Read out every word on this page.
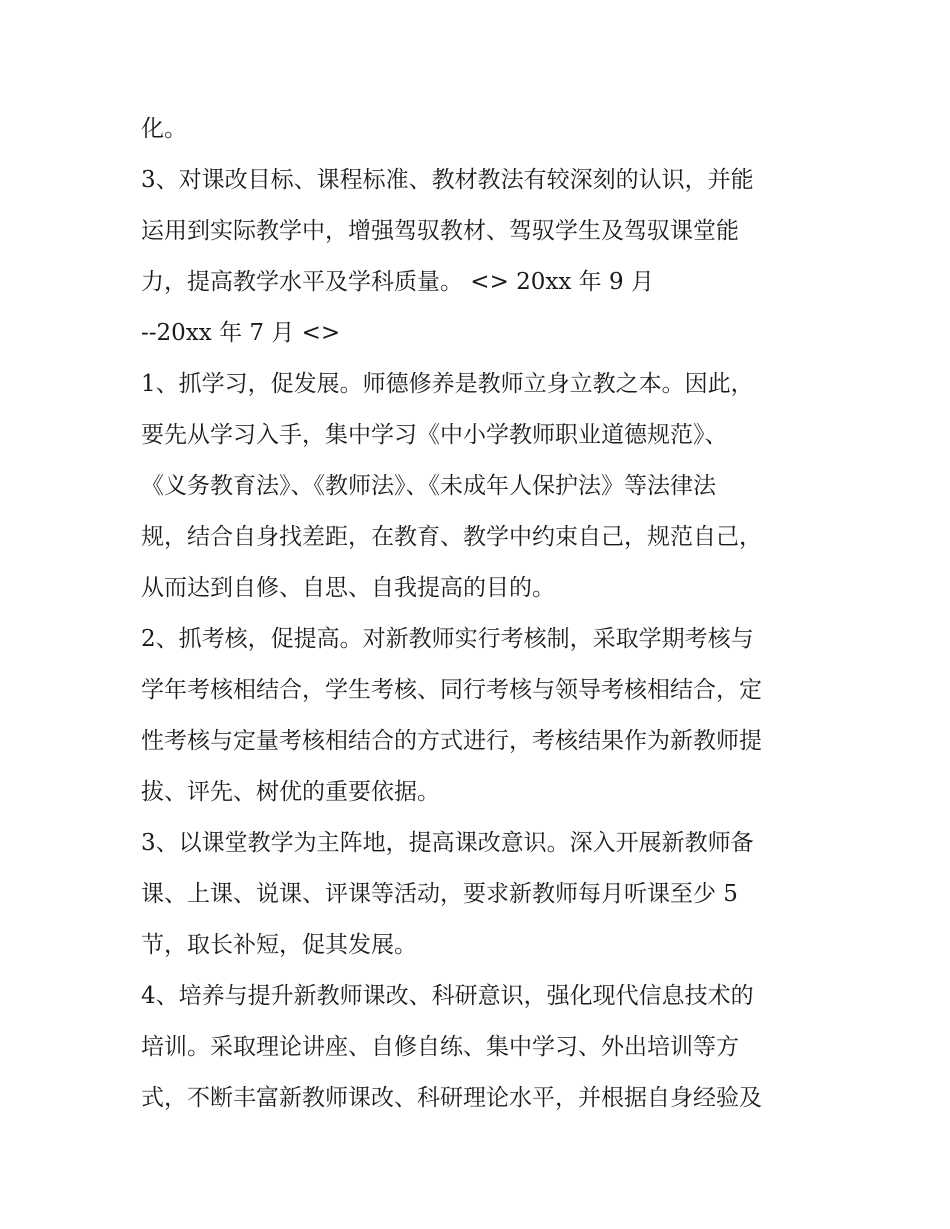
化。
3、对课改目标、课程标准、教材教法有较深刻的认识，并能
运用到实际教学中，增强驾驭教材、驾驭学生及驾驭课堂能
力，提高教学水平及学科质量。 <> 20xx 年 9 月
--20xx 年 7 月 <>
1、抓学习，促发展。师德修养是教师立身立教之本。因此，
要先从学习入手，集中学习《中小学教师职业道德规范》、
《义务教育法》、《教师法》、《未成年人保护法》等法律法
规，结合自身找差距，在教育、教学中约束自己，规范自己，
从而达到自修、自思、自我提高的目的。
2、抓考核，促提高。对新教师实行考核制，采取学期考核与
学年考核相结合，学生考核、同行考核与领导考核相结合，定
性考核与定量考核相结合的方式进行，考核结果作为新教师提
拔、评先、树优的重要依据。
3、以课堂教学为主阵地，提高课改意识。深入开展新教师备
课、上课、说课、评课等活动，要求新教师每月听课至少 5
节，取长补短，促其发展。
4、培养与提升新教师课改、科研意识，强化现代信息技术的
培训。采取理论讲座、自修自练、集中学习、外出培训等方
式，不断丰富新教师课改、科研理论水平，并根据自身经验及
